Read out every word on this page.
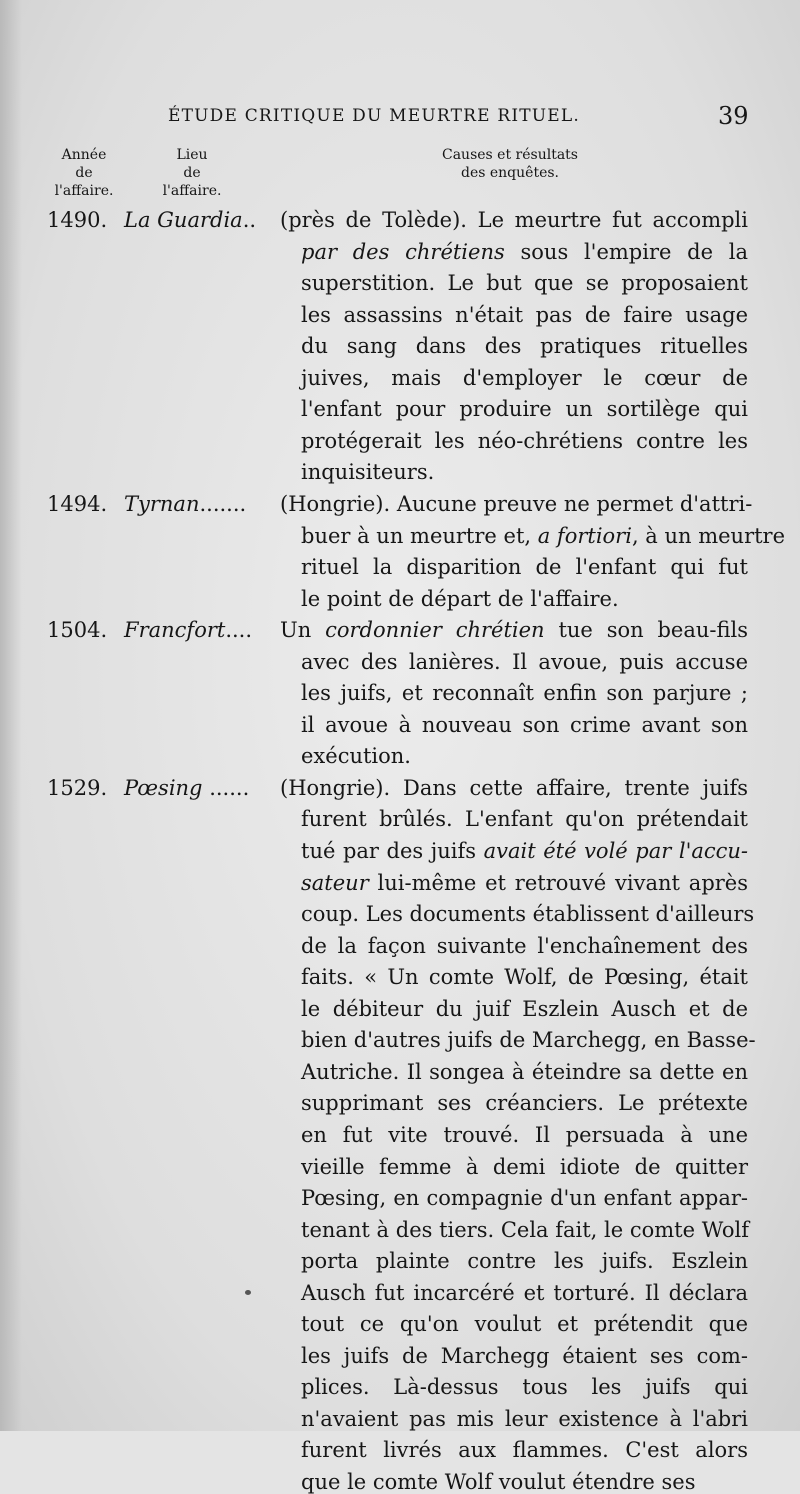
ÉTUDE CRITIQUE DU MEURTRE RITUEL.	39
Année
de
l'affaire.
Lieu
de
l'affaire.
Causes et résultats
des enquêtes.
1490. La Guardia.. (près de Tolède). Le meurtre fut accompli
par des chrétiens sous l'empire de la
superstition. Le but que se proposaient
les assassins n'était pas de faire usage
du sang dans des pratiques rituelles
juives, mais d'employer le cœur de
l'enfant pour produire un sortilège qui
protégerait les néo-chrétiens contre les
inquisiteurs.
1494. Tyrnan....... (Hongrie). Aucune preuve ne permet d'attri-
buer à un meurtre et, a fortiori, à un meurtre
rituel la disparition de l'enfant qui fut
le point de départ de l'affaire.
1504. Francfort.... Un cordonnier chrétien tue son beau-fils
avec des lanières. Il avoue, puis accuse
les juifs, et reconnaît enfin son parjure ;
il avoue à nouveau son crime avant son
exécution.
1529. Pœsing ...... (Hongrie). Dans cette affaire, trente juifs
furent brûlés. L'enfant qu'on prétendait
tué par des juifs avait été volé par l'accu-
sateur lui-même et retrouvé vivant après
coup. Les documents établissent d'ailleurs
de la façon suivante l'enchaînement des
faits. « Un comte Wolf, de Pœsing, était
le débiteur du juif Eszlein Ausch et de
bien d'autres juifs de Marchegg, en Basse-
Autriche. Il songea à éteindre sa dette en
supprimant ses créanciers. Le prétexte
en fut vite trouvé. Il persuada à une
vieille femme à demi idiote de quitter
Pœsing, en compagnie d'un enfant appar-
tenant à des tiers. Cela fait, le comte Wolf
porta plainte contre les juifs. Eszlein
Ausch fut incarcéré et torturé. Il déclara
tout ce qu'on voulut et prétendit que
les juifs de Marchegg étaient ses com-
plices. Là-dessus tous les juifs qui
n'avaient pas mis leur existence à l'abri
furent livrés aux flammes. C'est alors
que le comte Wolf voulut étendre ses
